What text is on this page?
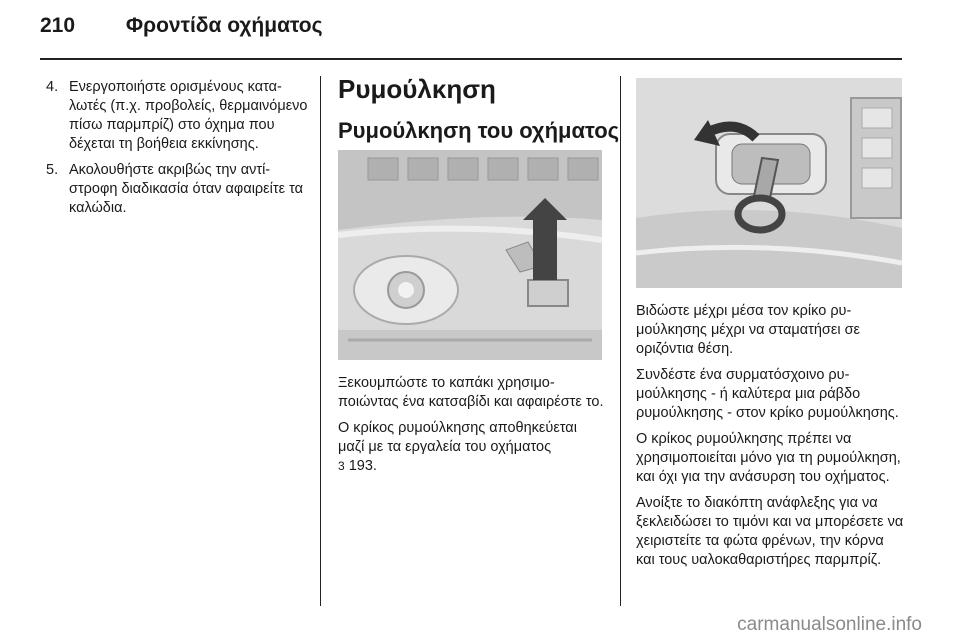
210 Φροντίδα οχήματος
4. Ενεργοποιήστε ορισμένους καταλωτές (π.χ. προβολείς, θερμαινόμενο πίσω παρμπρίζ) στο όχημα που δέχεται τη βοήθεια εκκίνησης.
5. Ακολουθήστε ακριβώς την αντίστροφη διαδικασία όταν αφαιρείτε τα καλώδια.
Ρυμούλκηση
Ρυμούλκηση του οχήματος

Ξεκουμπώστε το καπάκι χρησιμοποιώντας ένα κατσαβίδι και αφαιρέστε το.

Ο κρίκος ρυμούλκησης αποθηκεύεται μαζί με τα εργαλεία του οχήματος
3 193.

Βιδώστε μέχρι μέσα τον κρίκο ρυμούλκησης μέχρι να σταματήσει σε οριζόντια θέση.

Συνδέστε ένα συρματόσχοινο ρυμούλκησης - ή καλύτερα μια ράβδο ρυμούλκησης - στον κρίκο ρυμούλκησης.

Ο κρίκος ρυμούλκησης πρέπει να χρησιμοποιείται μόνο για τη ρυμούλκηση, και όχι για την ανάσυρση του οχήματος.

Ανοίξτε το διακόπτη ανάφλεξης για να ξεκλειδώσει το τιμόνι και να μπορέσετε να χειριστείτε τα φώτα φρένων, την κόρνα και τους υαλοκαθαριστήρες παρμπρίζ.

carmanualsonline.info
